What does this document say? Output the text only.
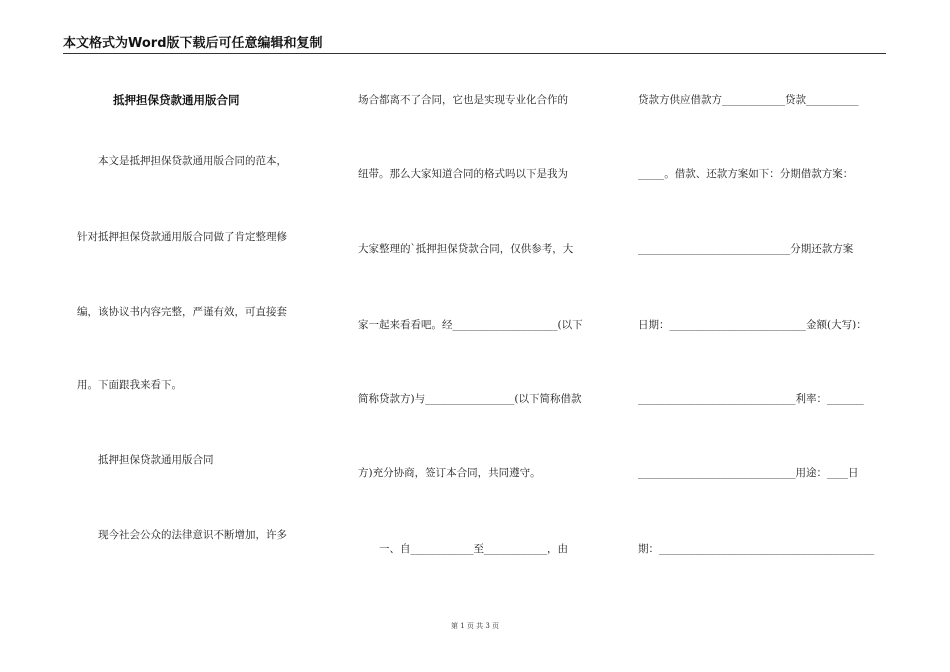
本文格式为Word版下载后可任意编辑和复制
抵押担保贷款通用版合同
本文是抵押担保贷款通用版合同的范本，
针对抵押担保贷款通用版合同做了肯定整理修
编，该协议书内容完整，严谨有效，可直接套
用。下面跟我来看下。
抵押担保贷款通用版合同
现今社会公众的法律意识不断增加，许多
场合都离不了合同，它也是实现专业化合作的
纽带。那么大家知道合同的格式吗以下是我为
大家整理的`抵押担保贷款合同，仅供参考，大
家一起来看看吧。经____________________(以下
简称贷款方)与_________________(以下简称借款
方)充分协商，签订本合同，共同遵守。
一、自____________至____________，由
贷款方供应借款方____________贷款__________
_____。借款、还款方案如下：分期借款方案：
_____________________________分期还款方案
日期：__________________________金额(大写)：
______________________________利率：_______
______________________________用途：____日
期：_________________________________________
第 1 页 共 3 页
